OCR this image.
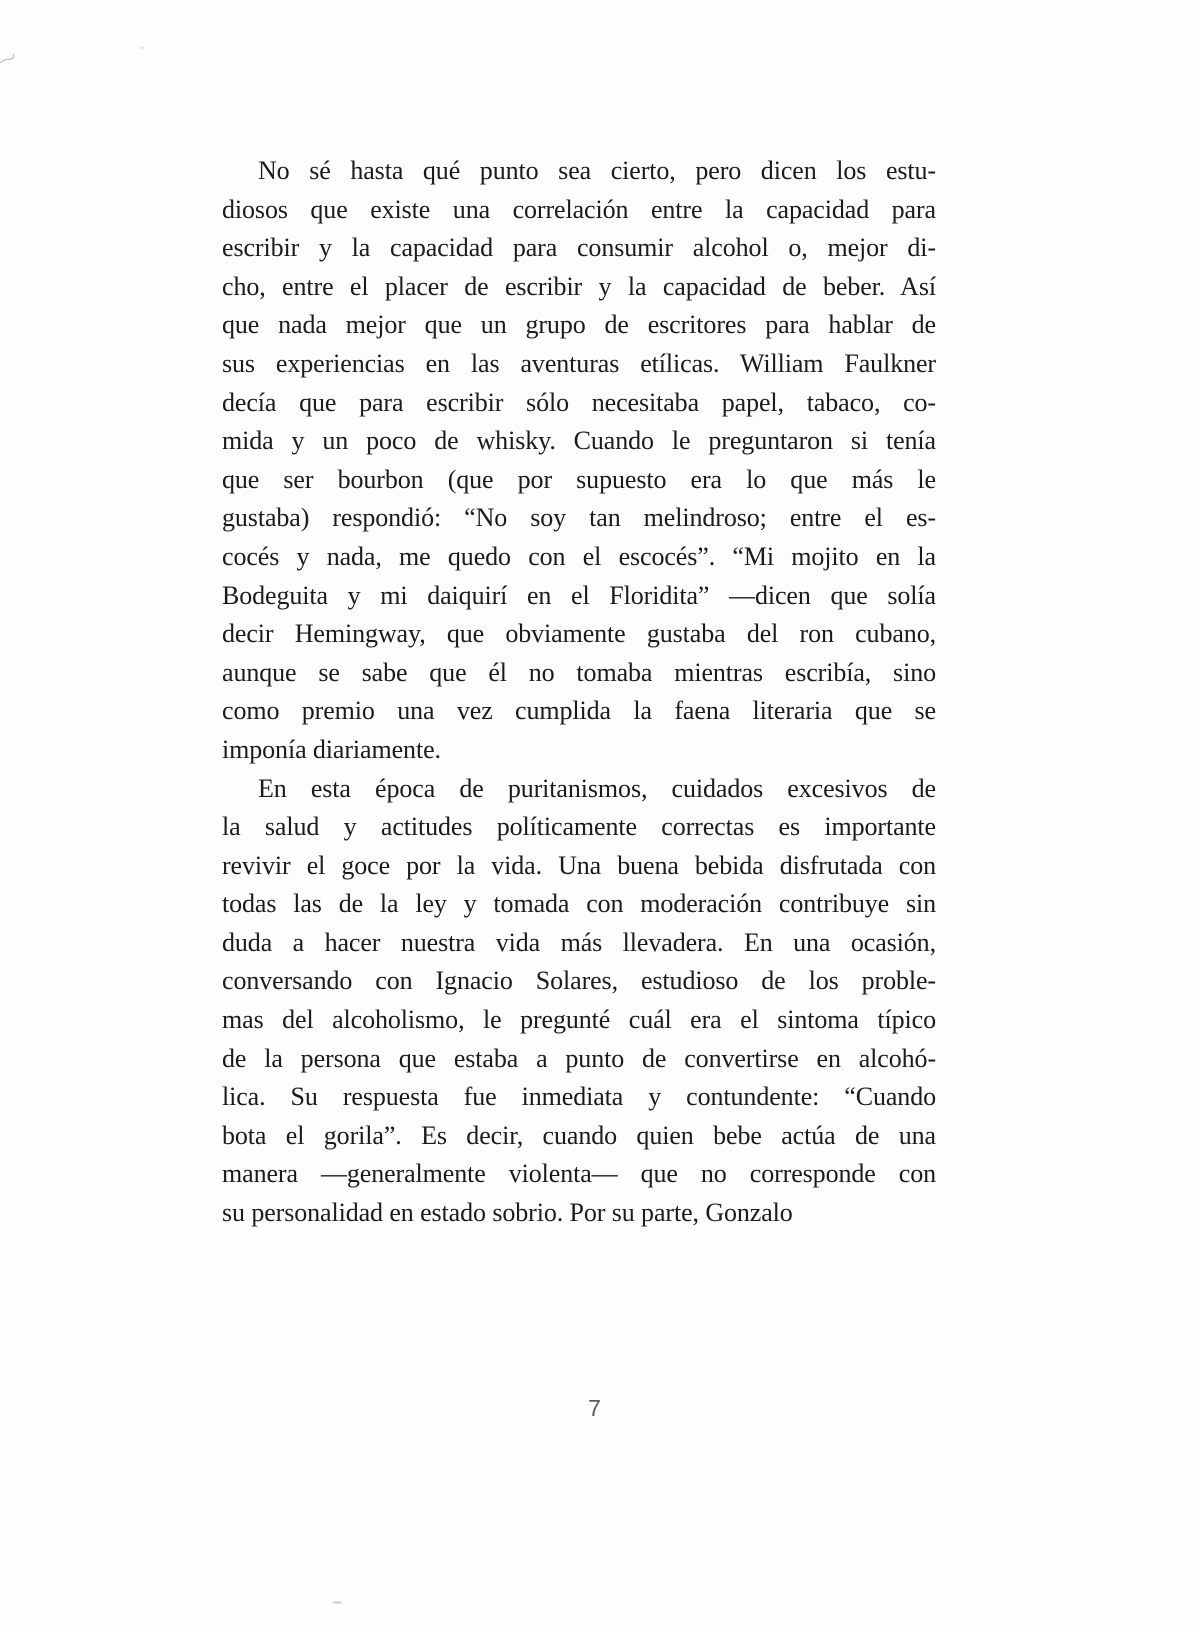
No sé hasta qué punto sea cierto, pero dicen los estu-
diosos que existe una correlación entre la capacidad para
escribir y la capacidad para consumir alcohol o, mejor di-
cho, entre el placer de escribir y la capacidad de beber. Así
que nada mejor que un grupo de escritores para hablar de
sus experiencias en las aventuras etílicas. William Faulkner
decía que para escribir sólo necesitaba papel, tabaco, co-
mida y un poco de whisky. Cuando le preguntaron si tenía
que ser bourbon (que por supuesto era lo que más le
gustaba) respondió: “No soy tan melindroso; entre el es-
cocés y nada, me quedo con el escocés”. “Mi mojito en la
Bodeguita y mi daiquirí en el Floridita” —dicen que solía
decir Hemingway, que obviamente gustaba del ron cubano,
aunque se sabe que él no tomaba mientras escribía, sino
como premio una vez cumplida la faena literaria que se
imponía diariamente.
En esta época de puritanismos, cuidados excesivos de
la salud y actitudes políticamente correctas es importante
revivir el goce por la vida. Una buena bebida disfrutada con
todas las de la ley y tomada con moderación contribuye sin
duda a hacer nuestra vida más llevadera. En una ocasión,
conversando con Ignacio Solares, estudioso de los proble-
mas del alcoholismo, le pregunté cuál era el sintoma típico
de la persona que estaba a punto de convertirse en alcohó-
lica. Su respuesta fue inmediata y contundente: “Cuando
bota el gorila”. Es decir, cuando quien bebe actúa de una
manera —generalmente violenta— que no corresponde con
su personalidad en estado sobrio. Por su parte, Gonzalo
7
